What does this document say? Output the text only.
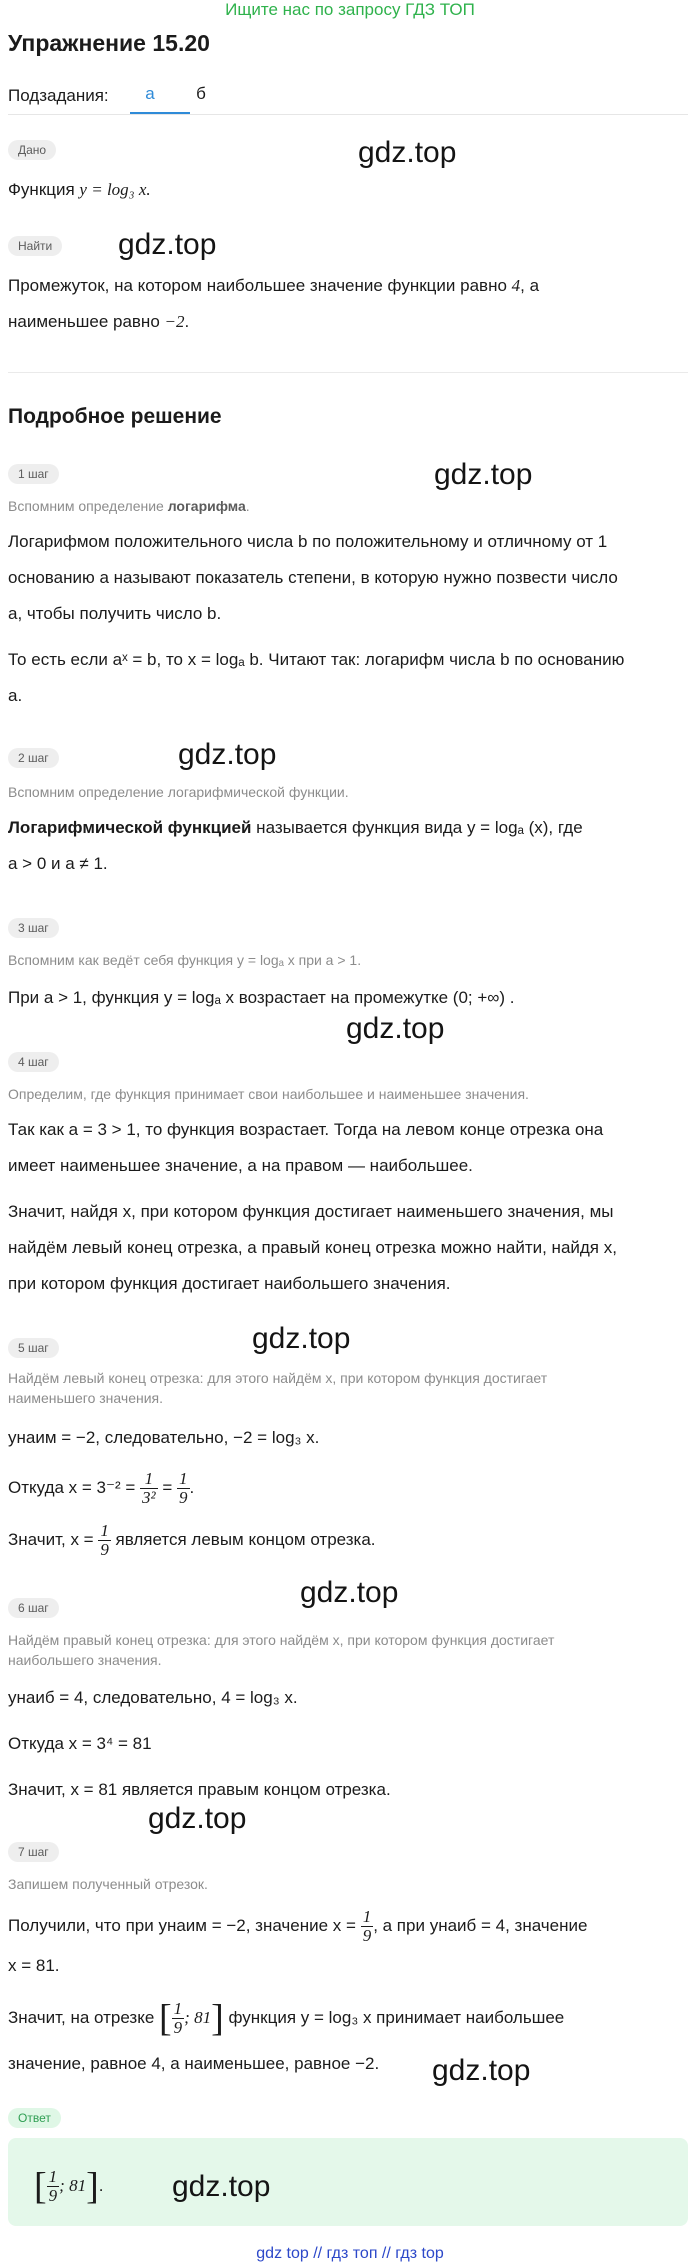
Ищите нас по запросу ГДЗ ТОП
Упражнение 15.20
Подзадания:	а	б
Дано	gdz.top
Функция y = log₃ x.
Найти	gdz.top
Промежуток, на котором наибольшее значение функции равно 4, а
наименьшее равно −2.
Подробное решение
1 шаг	gdz.top
Вспомним определение логарифма.
Логарифмом положительного числа b по положительному и отличному от 1
основанию a называют показатель степени, в которую нужно позвести число
a, чтобы получить число b.
То есть если aˣ = b, то x = logₐ b. Читают так: логарифм числа b по основанию
a.
2 шаг	gdz.top
Вспомним определение логарифмической функции.
Логарифмической функцией называется функция вида y = logₐ (x), где
a > 0 и a ≠ 1.
3 шаг
Вспомним как ведёт себя функция y = logₐ x при a > 1.
При a > 1, функция y = logₐ x возрастает на промежутке (0; +∞) .
gdz.top
4 шаг
Определим, где функция принимает свои наибольшее и наименьшее значения.
Так как a = 3 > 1, то функция возрастает. Тогда на левом конце отрезка она
имеет наименьшее значение, а на правом — наибольшее.
Значит, найдя x, при котором функция достигает наименьшего значения, мы
найдём левый конец отрезка, а правый конец отрезка можно найти, найдя x,
при котором функция достигает наибольшего значения.
gdz.top
5 шаг
Найдём левый конец отрезка: для этого найдём x, при котором функция достигает
наименьшего значения.
yнаим = −2, следовательно, −2 = log₃ x.
Откуда $x = 3^{-2} = \frac{1}{\text{3²}} = \frac{1}{9}$ .
Значит, $x = \frac{1}{9}$ является левым концом отрезка.
gdz.top
6 шаг
Найдём правый конец отрезка: для этого найдём x, при котором функция достигает
наибольшего значения.
yнаиб = 4, следовательно, 4 = log₃ x.
Откуда x = 3⁴ = 81
Значит, x = 81 является правым концом отрезка.
gdz.top
7 шаг
Запишем полученный отрезок.
Получили, что при yнаим = −2, значение $x = \frac{1}{9}$ , а при yнаиб = 4, значение
x = 81.
Значит, на отрезке [ $\frac{1}{9}$ ; 81] функция y = log₃ x принимает наибольшее
значение, равное 4, а наименьшее, равное −2. gdz.top
Ответ
[ $\frac{1}{9}$ ; 81]. gdz.top
gdz top // гдз топ // гдз top
